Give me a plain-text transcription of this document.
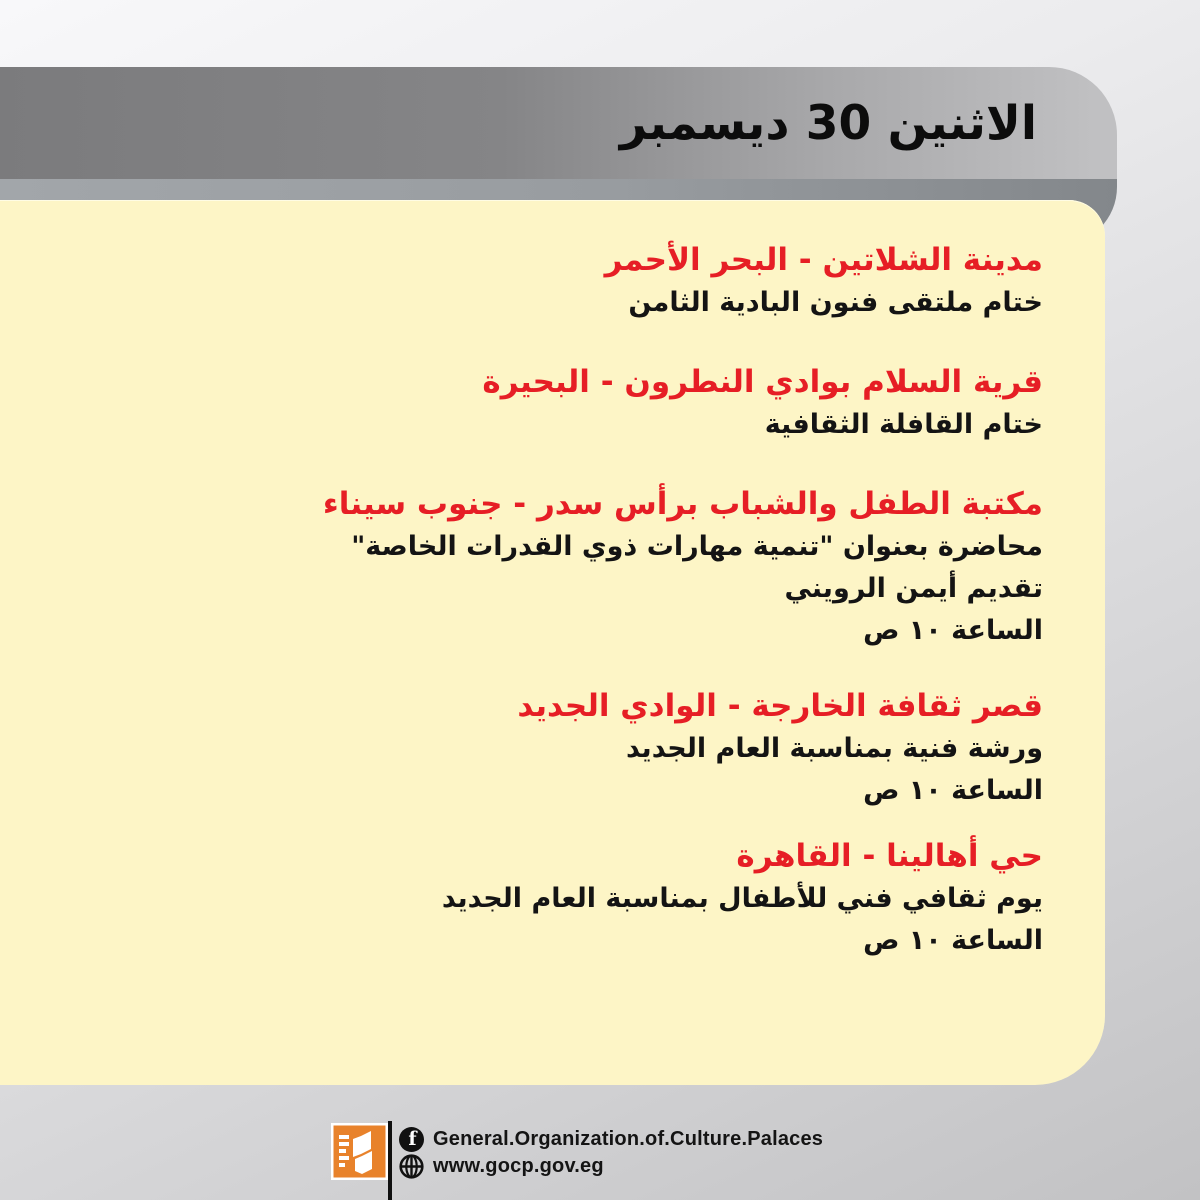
الاثنين 30 ديسمبر

مدينة الشلاتين - البحر الأحمر

ختام ملتقى فنون البادية الثامن

قرية السلام بوادي النطرون - البحيرة

ختام القافلة الثقافية

مكتبة الطفل والشباب برأس سدر - جنوب سيناء

محاضرة بعنوان "تنمية مهارات ذوي القدرات الخاصة"

تقديم أيمن الرويني

الساعة ١٠ ص

قصر ثقافة الخارجة - الوادي الجديد

ورشة فنية بمناسبة العام الجديد

الساعة ١٠ ص

حي أهالينا - القاهرة

يوم ثقافي فني للأطفال بمناسبة العام الجديد

الساعة ١٠ ص

f General.Organization.of.Culture.Palaces
www.gocp.gov.eg
